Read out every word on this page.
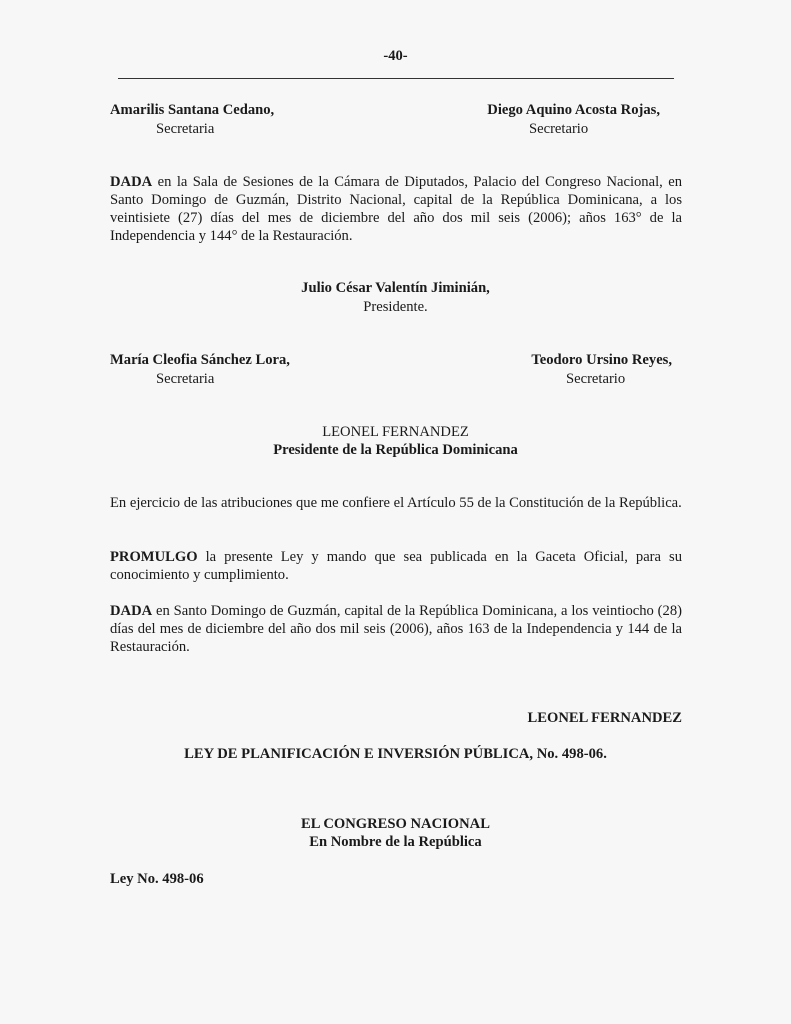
-40-
Amarilis Santana Cedano,
Secretaria
Diego Aquino Acosta Rojas,
Secretario
DADA en la Sala de Sesiones de la Cámara de Diputados, Palacio del Congreso Nacional, en Santo Domingo de Guzmán, Distrito Nacional, capital de la República Dominicana, a los veintisiete (27) días del mes de diciembre del año dos mil seis (2006); años 163° de la Independencia y 144° de la Restauración.
Julio César Valentín Jiminián,
Presidente.
María Cleofia Sánchez Lora,
Secretaria
Teodoro Ursino Reyes,
Secretario
LEONEL FERNANDEZ
Presidente de la República Dominicana
En ejercicio de las atribuciones que me confiere el Artículo 55 de la Constitución de la República.
PROMULGO la presente Ley y mando que sea publicada en la Gaceta Oficial, para su conocimiento y cumplimiento.
DADA en Santo Domingo de Guzmán, capital de la República Dominicana, a los veintiocho (28) días del mes de diciembre del año dos mil seis (2006), años 163 de la Independencia y 144 de la Restauración.
LEONEL FERNANDEZ
LEY DE PLANIFICACIÓN E INVERSIÓN PÚBLICA, No. 498-06.
EL CONGRESO NACIONAL
En Nombre de la República
Ley No. 498-06
